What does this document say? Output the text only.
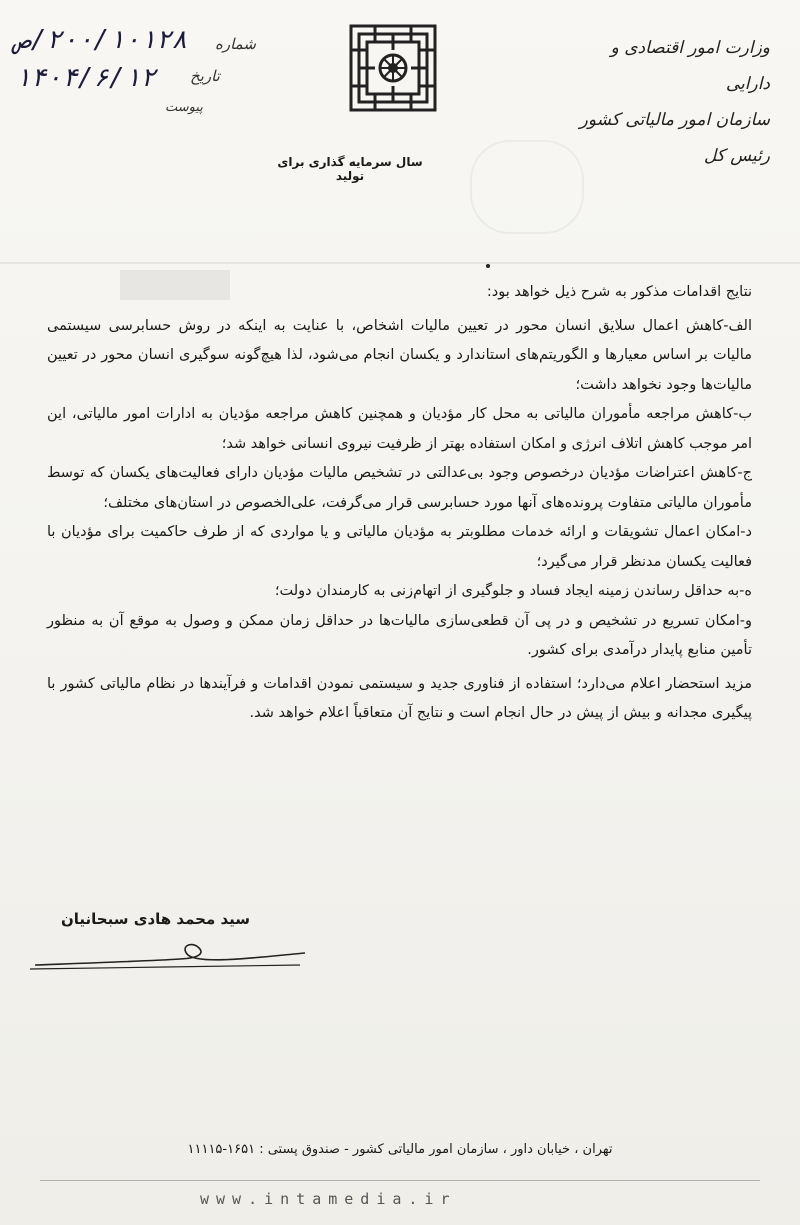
وزارت امور اقتصادی و دارایی
سازمان امور مالیاتی کشور
رئیس کل
سال سرمایه گذاری برای تولید
۲۰۰/۱۰۱۲۸/ص شماره
۱۴۰۴/۶/۱۲ تاریخ
پیوست

نتایج اقدامات مذکور به شرح ذیل خواهد بود:

الف-کاهش اعمال سلایق انسان محور در تعیین مالیات اشخاص، با عنایت به اینکه در روش حسابرسی سیستمی مالیات بر اساس معیارها و الگوریتم‌های استاندارد و یکسان انجام می‌شود، لذا هیچ‌گونه سوگیری انسان محور در تعیین مالیات‌ها وجود نخواهد داشت؛

ب-کاهش مراجعه مأموران مالیاتی به محل کار مؤدیان و همچنین کاهش مراجعه مؤدیان به ادارات امور مالیاتی، این امر موجب کاهش اتلاف انرژی و امکان استفاده بهتر از ظرفیت نیروی انسانی خواهد شد؛

ج-کاهش اعتراضات مؤدیان درخصوص وجود بی‌عدالتی در تشخیص مالیات مؤدیان دارای فعالیت‌های یکسان که توسط مأموران مالیاتی متفاوت پرونده‌های آنها مورد حسابرسی قرار می‌گرفت، علی‌الخصوص در استان‌های مختلف؛

د-امکان اعمال تشویقات و ارائه خدمات مطلوبتر به مؤدیان مالیاتی و یا مواردی که از طرف حاکمیت برای مؤدیان با فعالیت یکسان مدنظر قرار می‌گیرد؛

ه-به حداقل رساندن زمینه ایجاد فساد و جلوگیری از اتهام‌زنی به کارمندان دولت؛

و-امکان تسریع در تشخیص و در پی آن قطعی‌سازی مالیات‌ها در حداقل زمان ممکن و وصول به موقع آن به منظور تأمین منابع پایدار درآمدی برای کشور.

مزید استحضار اعلام می‌دارد؛ استفاده از فناوری جدید و سیستمی نمودن اقدامات و فرآیندها در نظام مالیاتی کشور با پیگیری مجدانه و بیش از پیش در حال انجام است و نتایج آن متعاقباً اعلام خواهد شد.

سید محمد هادی سبحانیان
تهران ، خیابان داور ، سازمان امور مالیاتی کشور - صندوق پستی : ۱۶۵۱-۱۱۱۱۵
www.intamedia.ir
